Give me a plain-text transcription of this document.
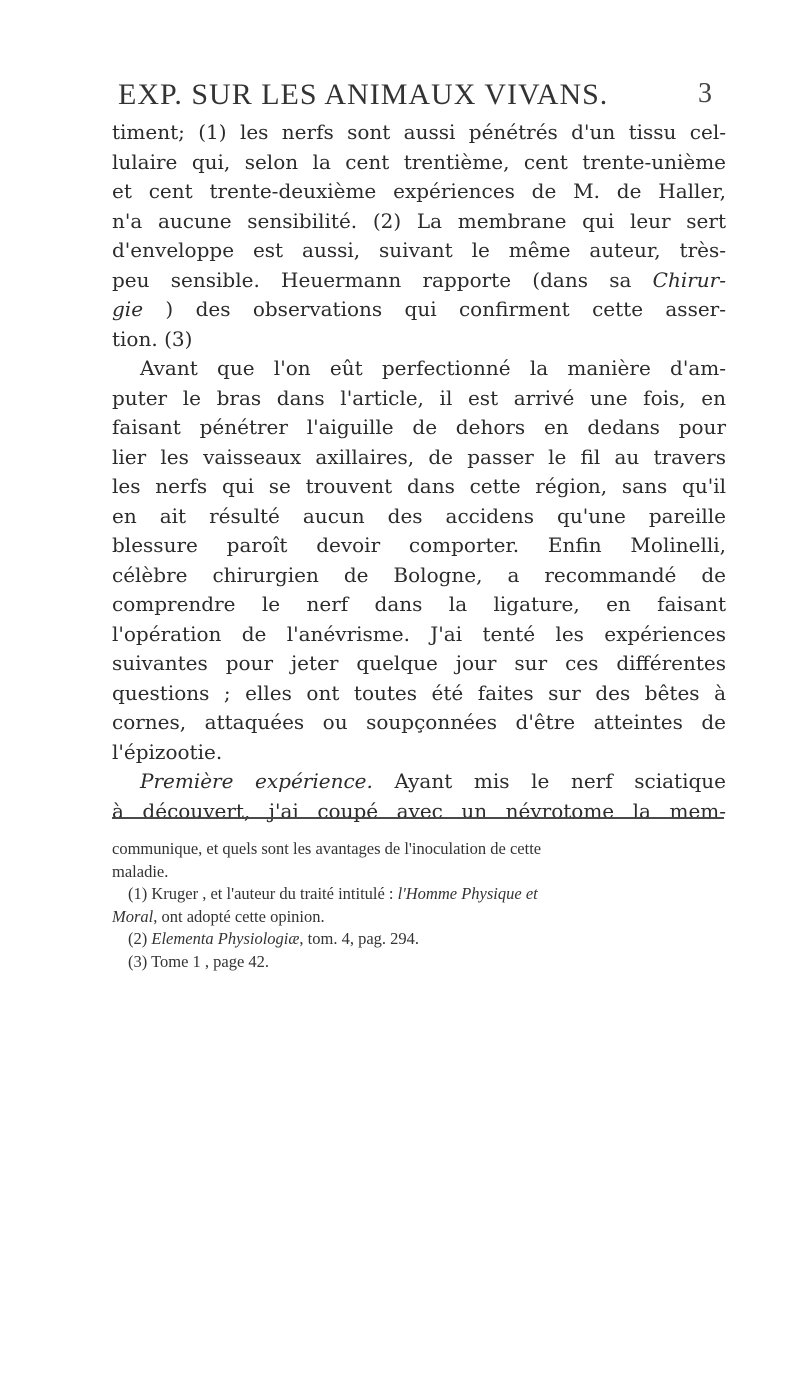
EXP. SUR LES ANIMAUX VIVANS.	3
timent; (1) les nerfs sont aussi pénétrés d'un tissu cel-
lulaire qui, selon la cent trentième, cent trente-unième
et cent trente-deuxième expériences de M. de Haller,
n'a aucune sensibilité. (2) La membrane qui leur sert
d'enveloppe est aussi, suivant le même auteur, très-
peu sensible. Heuermann rapporte (dans sa Chirur-
gie ) des observations qui confirment cette asser-
tion. (3)
Avant que l'on eût perfectionné la manière d'am-
puter le bras dans l'article, il est arrivé une fois, en
faisant pénétrer l'aiguille de dehors en dedans pour
lier les vaisseaux axillaires, de passer le fil au travers
les nerfs qui se trouvent dans cette région, sans qu'il
en ait résulté aucun des accidens qu'une pareille
blessure paroît devoir comporter. Enfin Molinelli,
célèbre chirurgien de Bologne, a recommandé de
comprendre le nerf dans la ligature, en faisant
l'opération de l'anévrisme. J'ai tenté les expériences
suivantes pour jeter quelque jour sur ces différentes
questions ; elles ont toutes été faites sur des bêtes à
cornes, attaquées ou soupçonnées d'être atteintes de
l'épizootie.
Première expérience. Ayant mis le nerf sciatique
à découvert, j'ai coupé avec un névrotome la mem-
communique, et quels sont les avantages de l'inoculation de cette
maladie.
(1) Kruger , et l'auteur du traité intitulé : l'Homme Physique et
Moral, ont adopté cette opinion.
(2) Elementa Physiologiæ, tom. 4, pag. 294.
(3) Tome 1 , page 42.
